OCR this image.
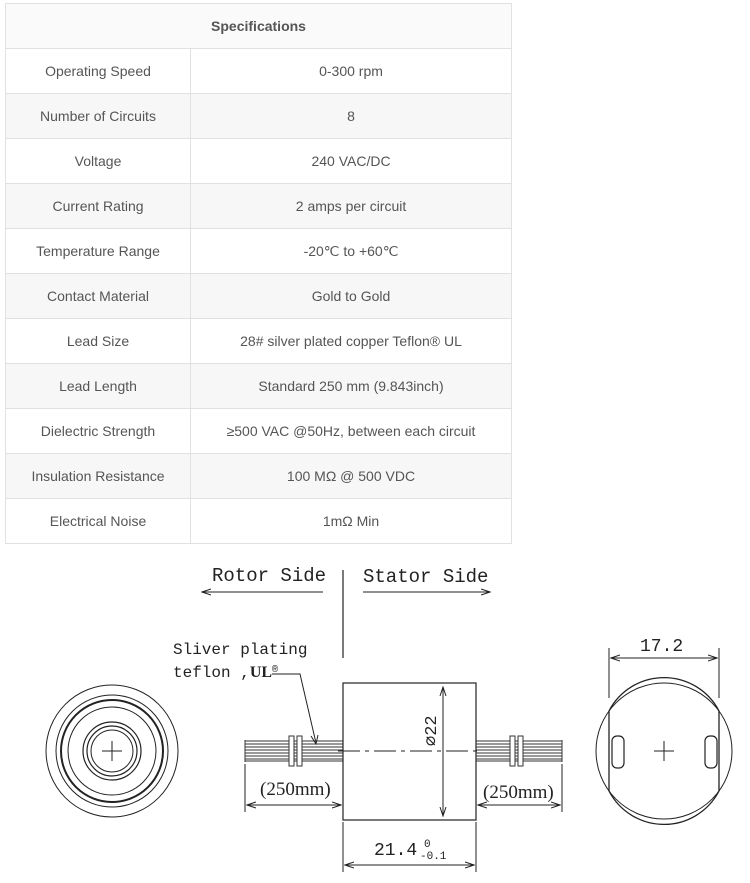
Specifications	
Operating Speed	0-300 rpm
Number of Circuits	8
Voltage	240 VAC/DC
Current Rating	2 amps per circuit
Temperature Range	-20℃ to +60℃
Contact Material	Gold to Gold
Lead Size	28# silver plated copper Teflon® UL
Lead Length	Standard 250 mm (9.843inch)
Dielectric Strength	≥500 VAC @50Hz, between each circuit
Insulation Resistance	100 MΩ @ 500 VDC
Electrical Noise	1mΩ Min
Rotor Side Stator Side
Sliver plating
teflon ,UL®
⌀22
(250mm)	(250mm)
21.4 0
-0.1
17.2
